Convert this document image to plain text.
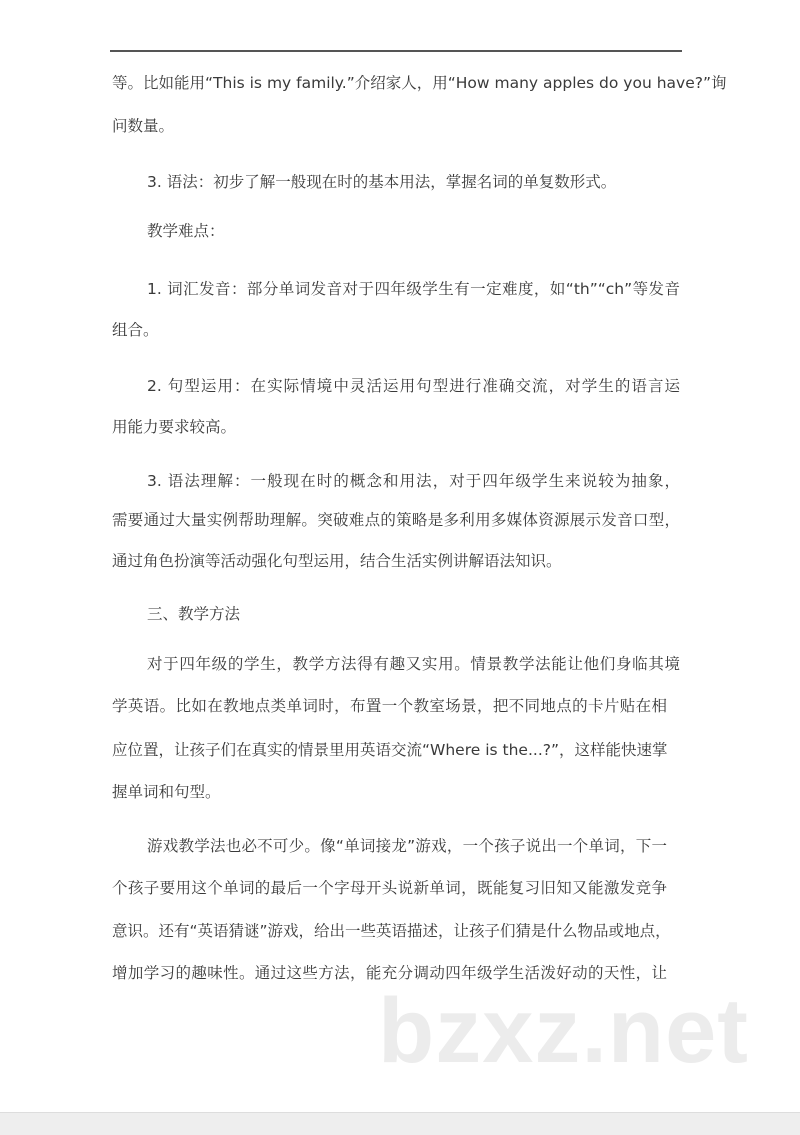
等。比如能用“This is my family.”介绍家人，用“How many apples do you have?”询
问数量。
3. 语法：初步了解一般现在时的基本用法，掌握名词的单复数形式。
教学难点：
1. 词汇发音：部分单词发音对于四年级学生有一定难度，如“th”“ch”等发音
组合。
2. 句型运用：在实际情境中灵活运用句型进行准确交流，对学生的语言运
用能力要求较高。
3. 语法理解：一般现在时的概念和用法，对于四年级学生来说较为抽象，
需要通过大量实例帮助理解。突破难点的策略是多利用多媒体资源展示发音口型，
通过角色扮演等活动强化句型运用，结合生活实例讲解语法知识。
三、教学方法
对于四年级的学生，教学方法得有趣又实用。情景教学法能让他们身临其境
学英语。比如在教地点类单词时，布置一个教室场景，把不同地点的卡片贴在相
应位置，让孩子们在真实的情景里用英语交流“Where is the...?”，这样能快速掌
握单词和句型。
游戏教学法也必不可少。像“单词接龙”游戏，一个孩子说出一个单词，下一
个孩子要用这个单词的最后一个字母开头说新单词，既能复习旧知又能激发竞争
意识。还有“英语猜谜”游戏，给出一些英语描述，让孩子们猜是什么物品或地点，
增加学习的趣味性。通过这些方法，能充分调动四年级学生活泼好动的天性，让
bzxz.net
